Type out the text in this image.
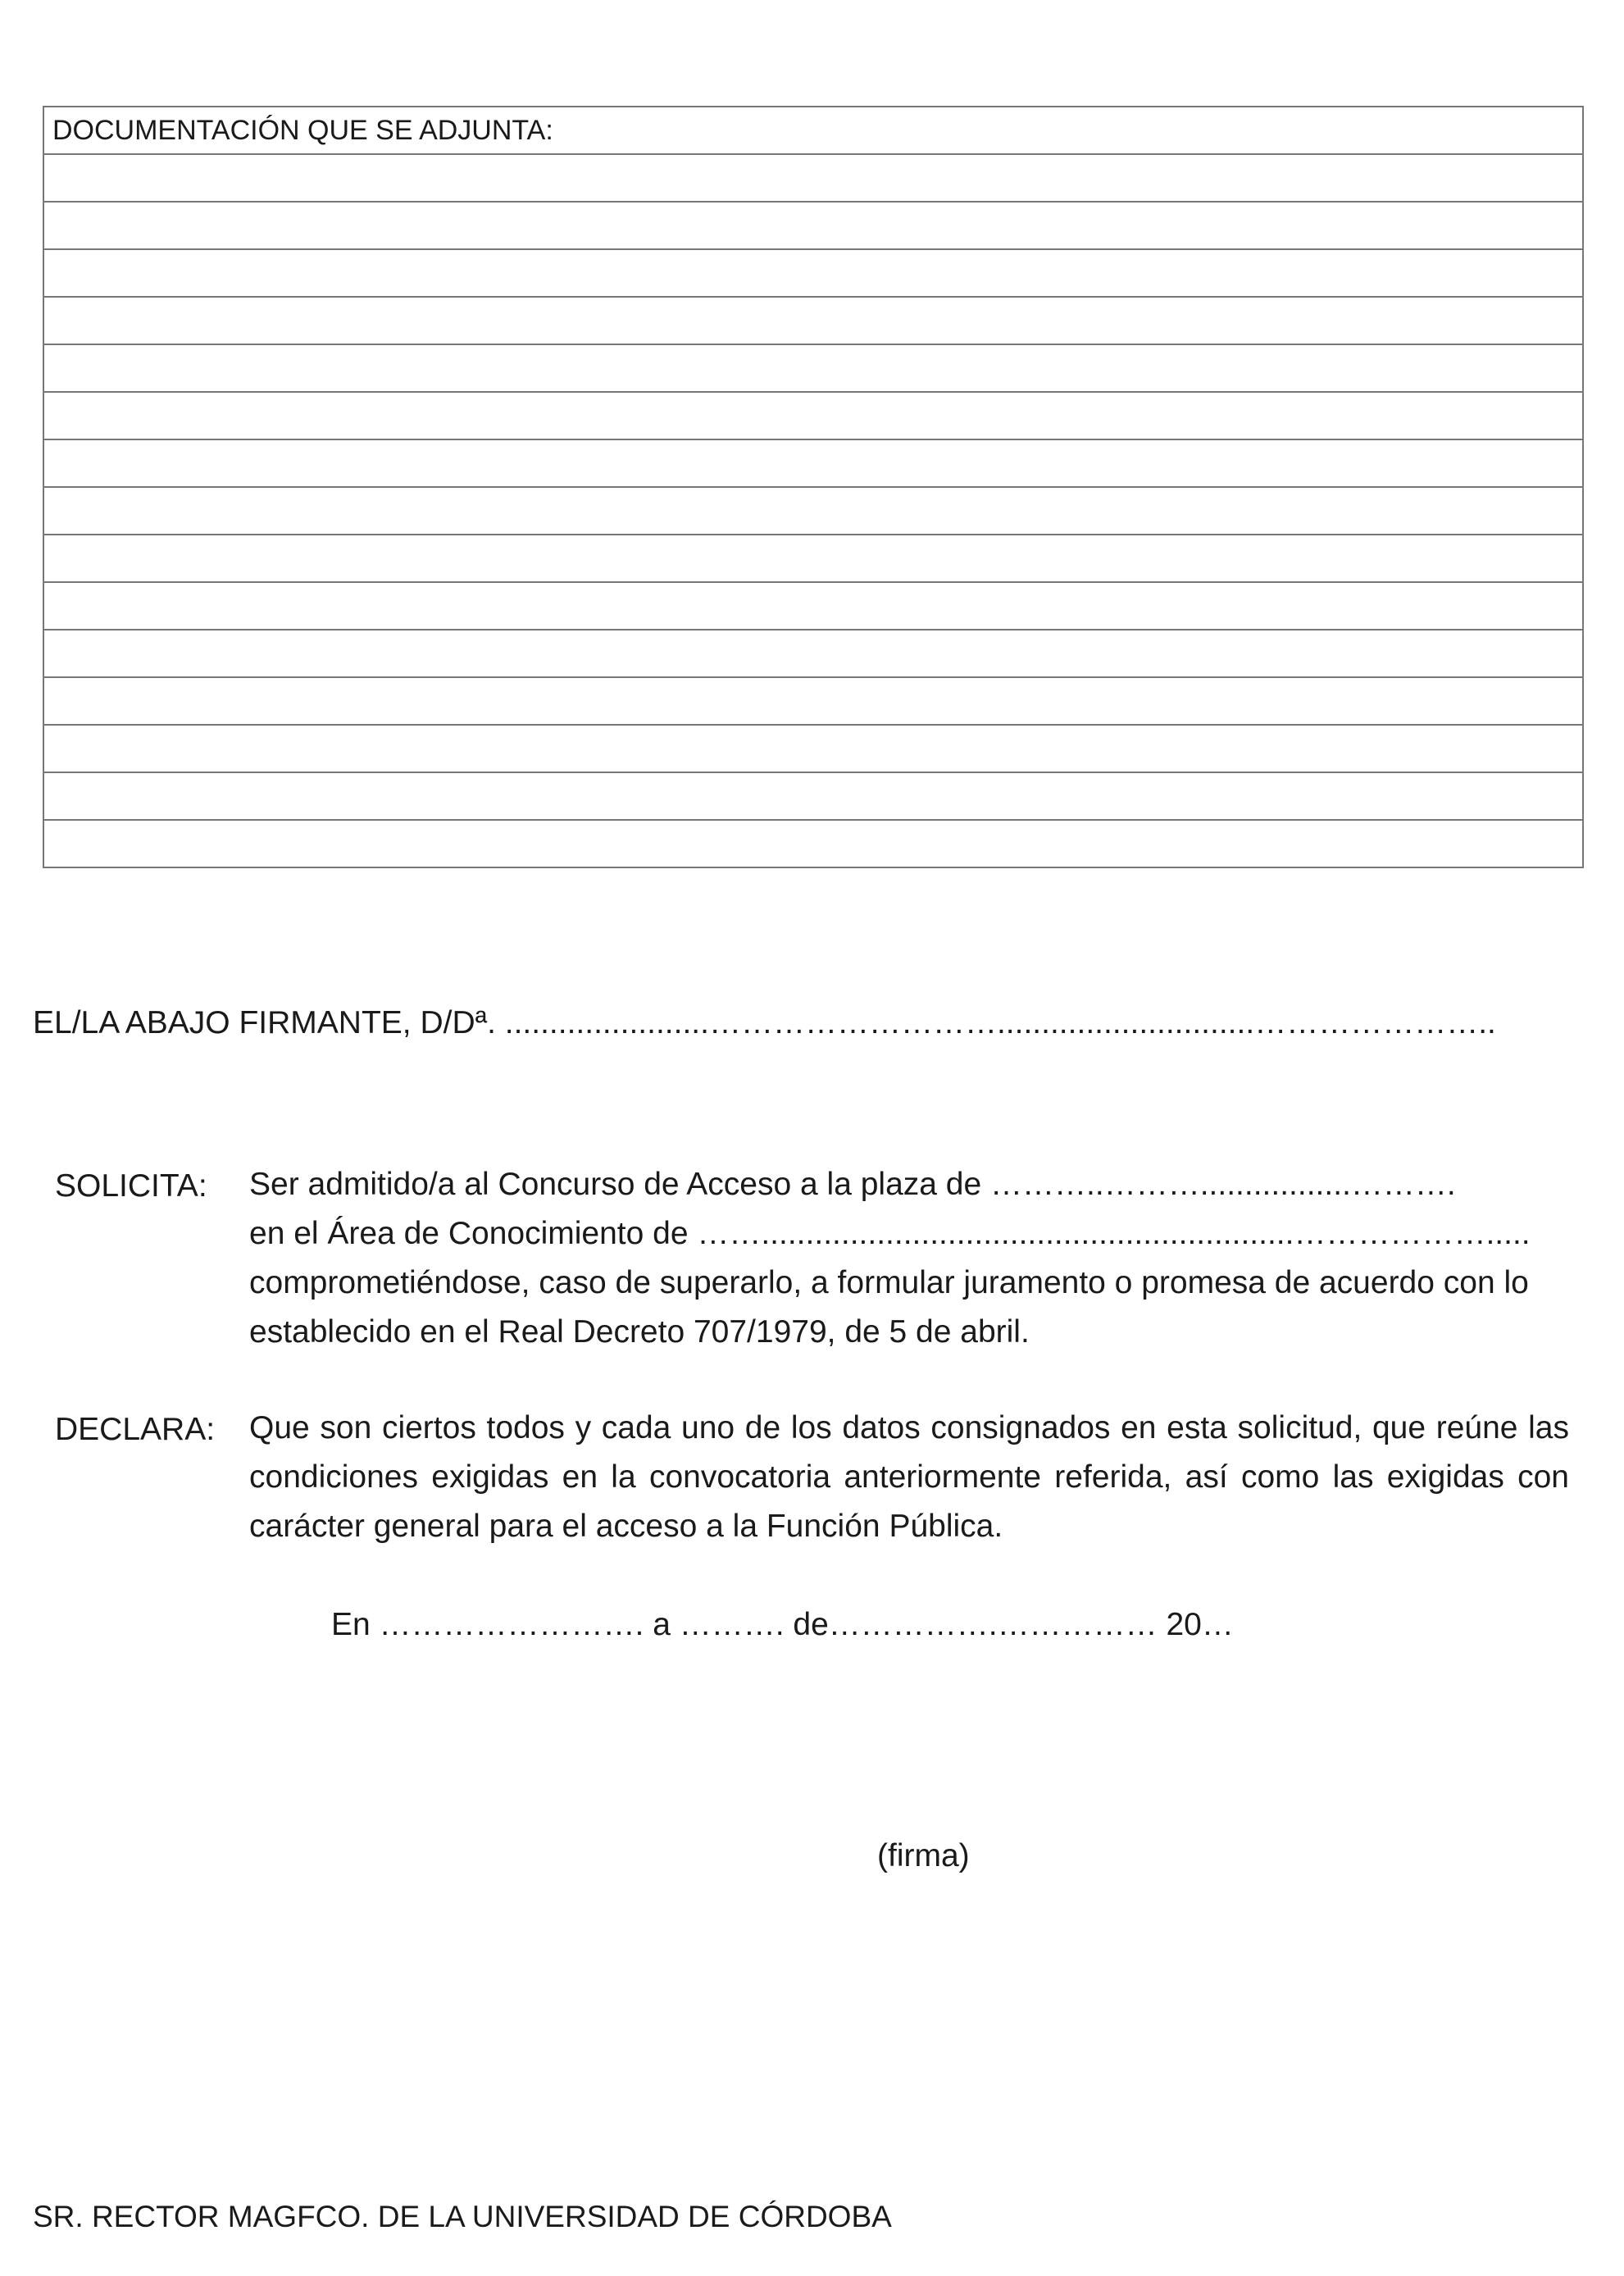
DOCUMENTACIÓN QUE SE ADJUNTA:

EL/LA ABAJO FIRMANTE, D/Dª. .......................……………………….............................…………………..
SOLICITA: Ser admitido/a al Concurso de Acceso a la plaza de ………..……….................……….
en el Área de Conocimiento de ……............................................................……………….....
comprometiéndose, caso de superarlo, a formular juramento o promesa de acuerdo con lo
establecido en el Real Decreto 707/1979, de 5 de abril.
DECLARA: Que son ciertos todos y cada uno de los datos consignados en esta solicitud, que reúne las condiciones exigidas en la convocatoria anteriormente referida, así como las exigidas con carácter general para el acceso a la Función Pública.
En ……………………. a ………. de…………….…………… 20…
(firma)
SR. RECTOR MAGFCO. DE LA UNIVERSIDAD DE CÓRDOBA
